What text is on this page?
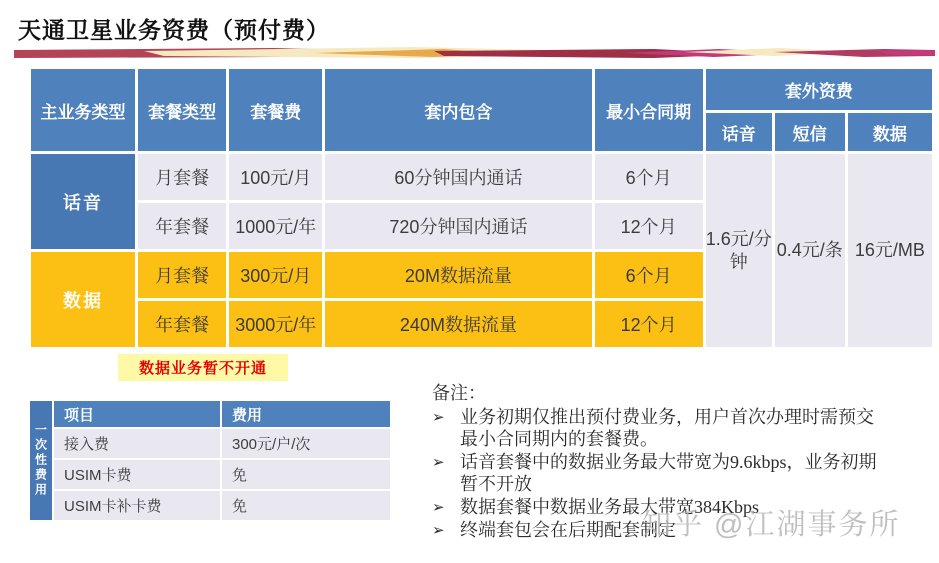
天通卫星业务资费（预付费）
主业务类型	套餐类型	套餐费	套内包含	最小合同期	套外资费		
					话音	短信	数据
话音	月套餐	100元/月	60分钟国内通话	6个月	1.6元/分钟	0.4元/条	16元/MB
	年套餐	1000元/年	720分钟国内通话	12个月			
数据	月套餐	300元/月	20M数据流量	6个月			
	年套餐	3000元/年	240M数据流量	12个月			
数据业务暂不开通
一次性费用	项目	费用
	接入费	300元/户/次
	USIM卡费	免
	USIM卡补卡费	免
备注：
➢ 业务初期仅推出预付费业务，用户首次办理时需预交最小合同期内的套餐费。
➢ 话音套餐中的数据业务最大带宽为9.6kbps，业务初期暂不开放
➢ 数据套餐中数据业务最大带宽384Kbps
➢ 终端套包会在后期配套制定
知乎 @江湖事务所
